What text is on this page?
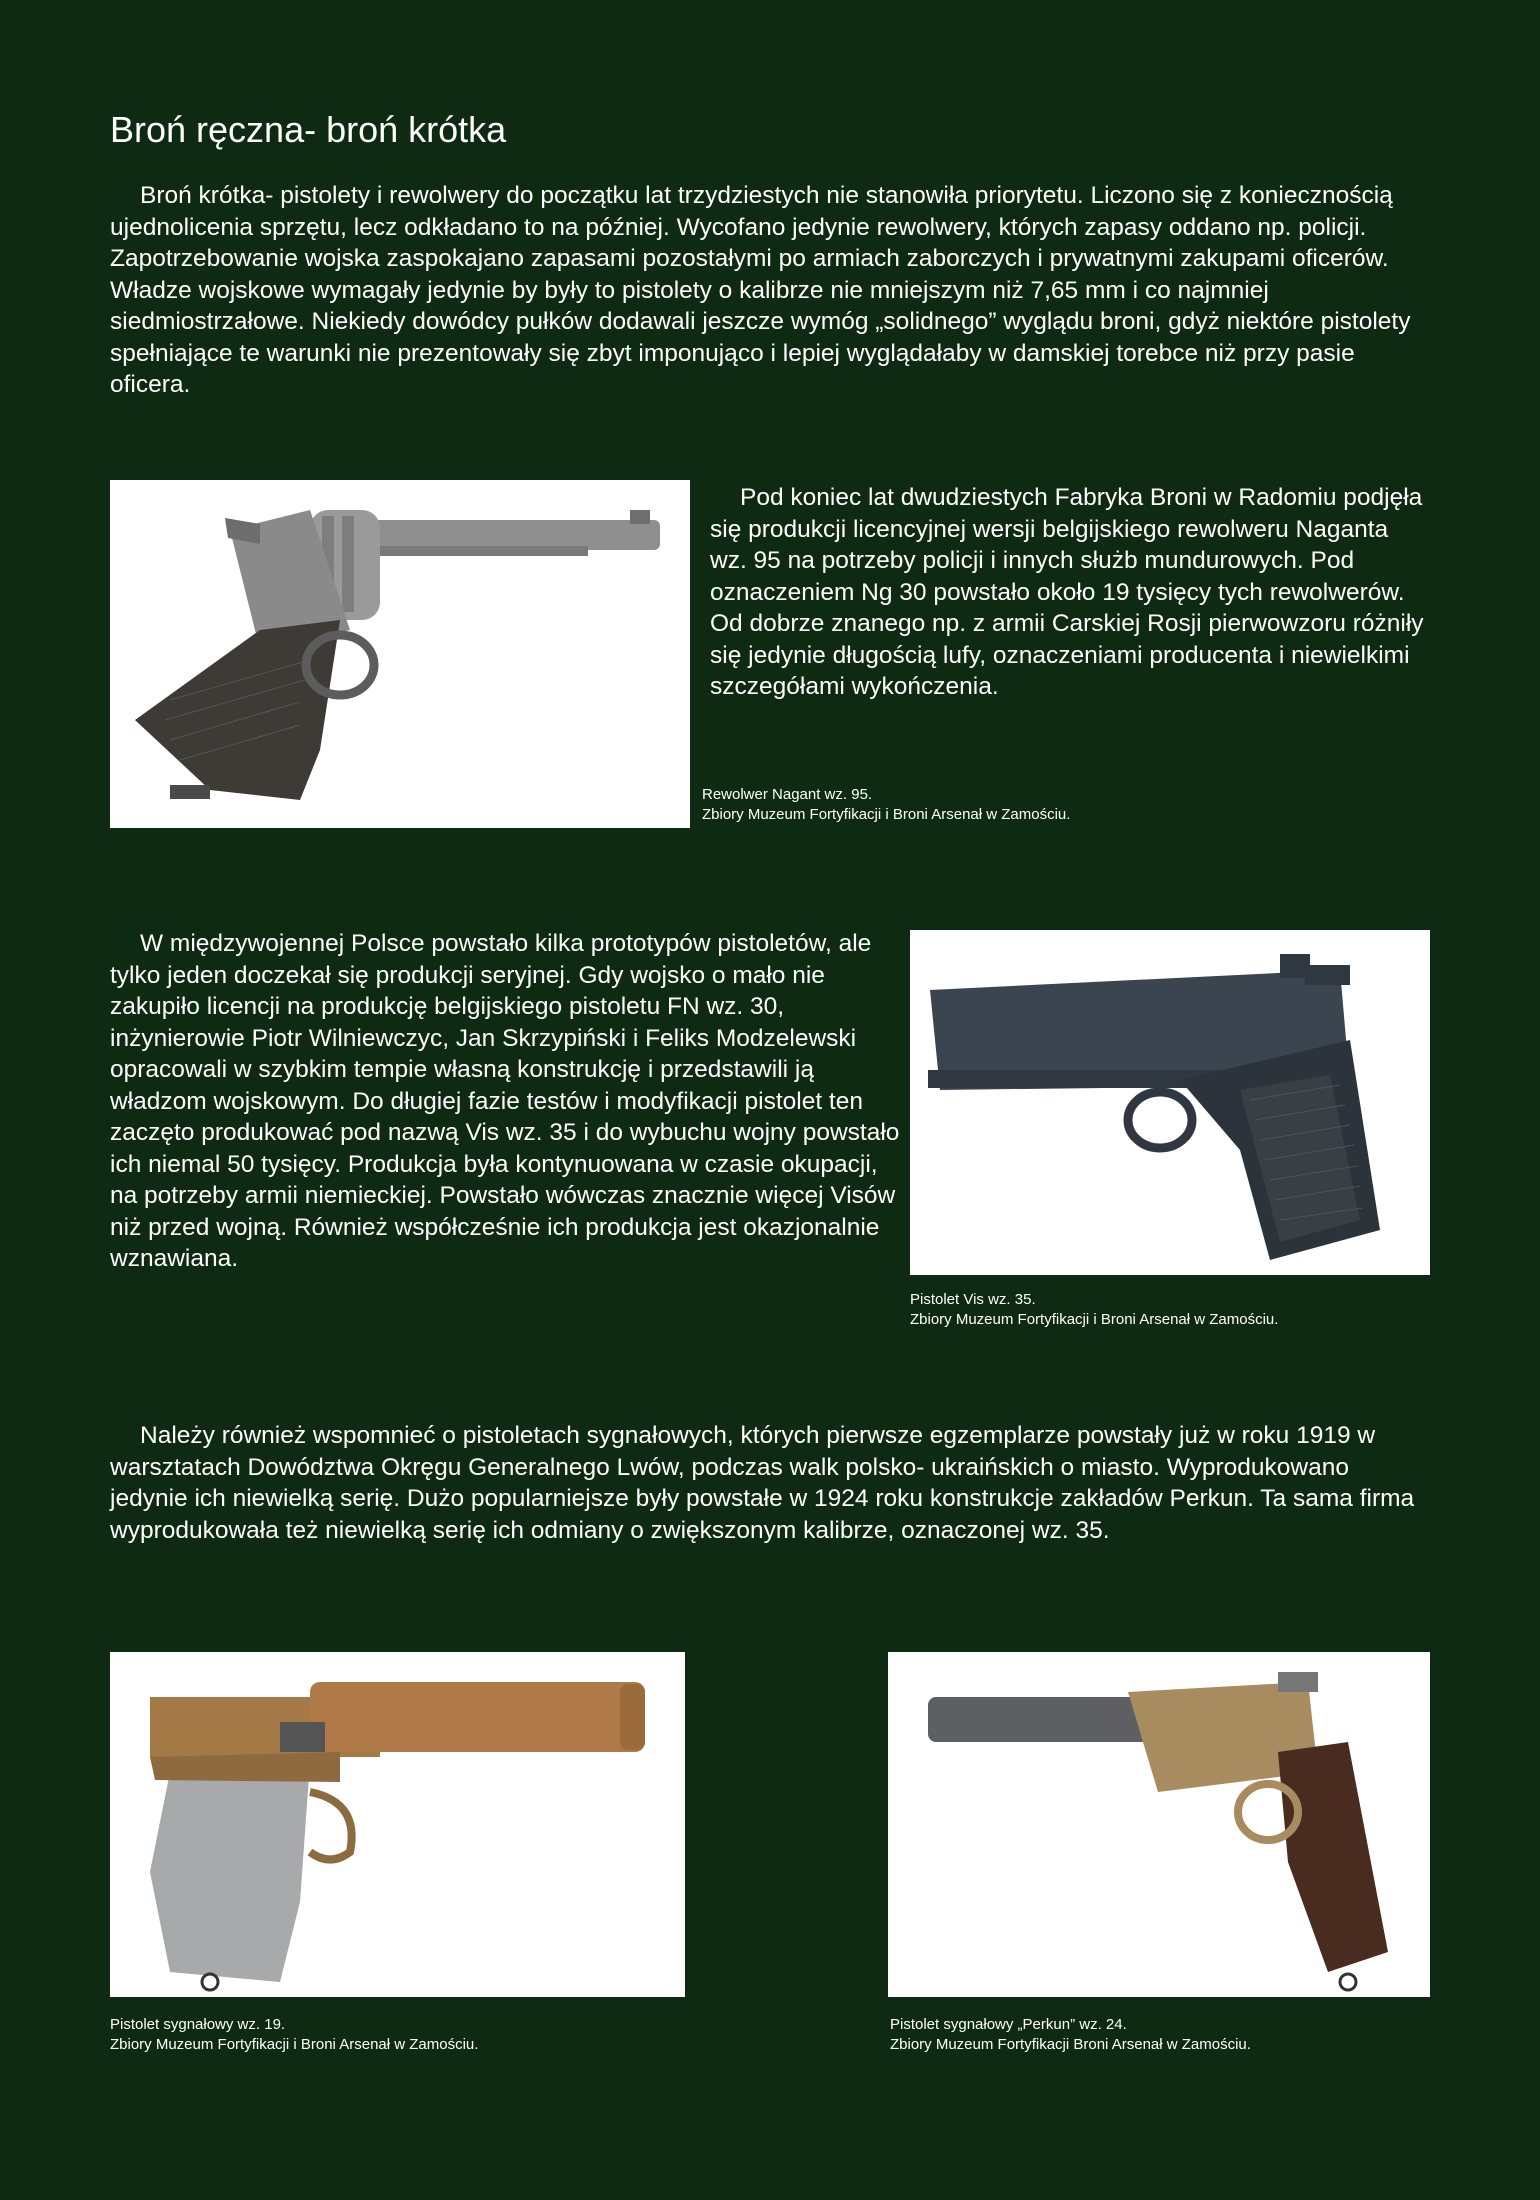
Broń ręczna- broń krótka

Broń krótka- pistolety i rewolwery do początku lat trzydziestych nie stanowiła priorytetu. Liczono się z koniecznością ujednolicenia sprzętu, lecz odkładano to na później. Wycofano jedynie rewolwery, których zapasy oddano np. policji. Zapotrzebowanie wojska zaspokajano zapasami pozostałymi po armiach zaborczych i prywatnymi zakupami oficerów. Władze wojskowe wymagały jedynie by były to pistolety o kalibrze nie mniejszym niż 7,65 mm i co najmniej siedmiostrzałowe. Niekiedy dowódcy pułków dodawali jeszcze wymóg „solidnego” wyglądu broni, gdyż niektóre pistolety spełniające te warunki nie prezentowały się zbyt imponująco i lepiej wyglądałaby w damskiej torebce niż przy pasie oficera.

Pod koniec lat dwudziestych Fabryka Broni w Radomiu podjęła się produkcji licencyjnej wersji belgijskiego rewolweru Naganta wz. 95 na potrzeby policji i innych służb mundurowych. Pod oznaczeniem Ng 30 powstało około 19 tysięcy tych rewolwerów. Od dobrze znanego np. z armii Carskiej Rosji pierwowzoru różniły się jedynie długością lufy, oznaczeniami producenta i niewielkimi szczegółami wykończenia.

Rewolwer Nagant wz. 95.
Zbiory Muzeum Fortyfikacji i Broni Arsenał w Zamościu.

W międzywojennej Polsce powstało kilka prototypów pistoletów, ale tylko jeden doczekał się produkcji seryjnej. Gdy wojsko o mało nie zakupiło licencji na produkcję belgijskiego pistoletu FN wz. 30, inżynierowie Piotr Wilniewczyc, Jan Skrzypiński i Feliks Modzelewski opracowali w szybkim tempie własną konstrukcję i przedstawili ją władzom wojskowym. Do długiej fazie testów i modyfikacji pistolet ten zaczęto produkować pod nazwą Vis wz. 35 i do wybuchu wojny powstało ich niemal 50 tysięcy. Produkcja była kontynuowana w czasie okupacji, na potrzeby armii niemieckiej. Powstało wówczas znacznie więcej Visów niż przed wojną. Również współcześnie ich produkcja jest okazjonalnie wznawiana.

Pistolet Vis wz. 35.
Zbiory Muzeum Fortyfikacji i Broni Arsenał w Zamościu.

Należy również wspomnieć o pistoletach sygnałowych, których pierwsze egzemplarze powstały już w roku 1919 w warsztatach Dowództwa Okręgu Generalnego Lwów, podczas walk polsko- ukraińskich o miasto. Wyprodukowano jedynie ich niewielką serię. Dużo popularniejsze były powstałe w 1924 roku konstrukcje zakładów Perkun. Ta sama firma wyprodukowała też niewielką serię ich odmiany o zwiększonym kalibrze, oznaczonej wz. 35.

Pistolet sygnałowy wz. 19.
Zbiory Muzeum Fortyfikacji i Broni Arsenał w Zamościu.
Pistolet sygnałowy „Perkun” wz. 24.
Zbiory Muzeum Fortyfikacji Broni Arsenał w Zamościu.
